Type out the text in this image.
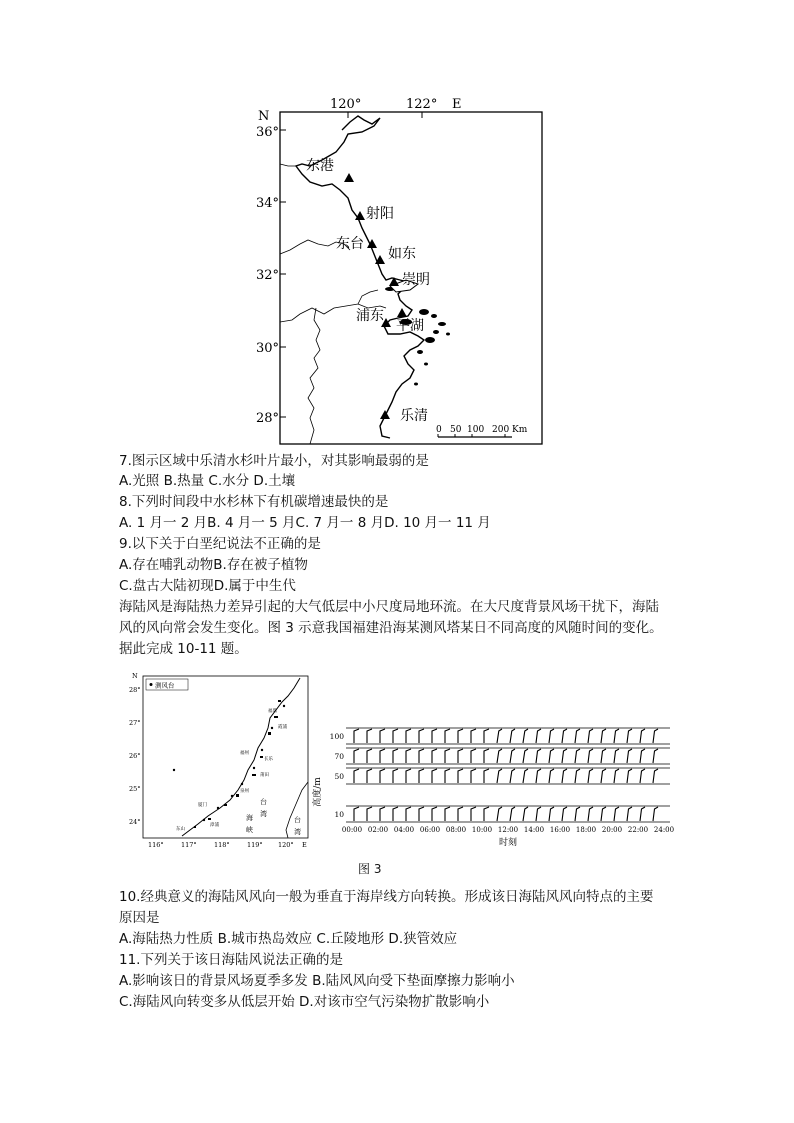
N
36°
34°
32°
30°
28°
120°	122° E
东港
射阳
东台
如东
崇明
浦东
平湖
乐清
0 50 100 200 Km
7.图示区域中乐清水杉叶片最小，对其影响最弱的是
A.光照 B.热量 C.水分 D.土壤
8.下列时间段中水杉林下有机碳增速最快的是
A. 1 月一 2 月B. 4 月一 5 月C. 7 月一 8 月D. 10 月一 11 月
9.以下关于白垩纪说法不正确的是
A.存在哺乳动物B.存在被子植物
C.盘古大陆初现D.属于中生代
海陆风是海陆热力差异引起的大气低层中小尺度局地环流。在大尺度背景风场干扰下，海陆
风的风向常会发生变化。图 3 示意我国福建沿海某测风塔某日不同高度的风随时间的变化。
据此完成 10-11 题。
测风台
N
28°
27°
26°
25°
24°
116°	117°	118°	119° 120° E
福鼎
霞浦
福州
长乐
莆田
泉州
厦门
漳浦
东山
台
湾
海
峡
台
湾
高度/m
时刻
100
70
50
10
00:00 02:00 04:00 06:00 08:00 10:00 12:00 14:00 16:00 18:00 20:00 22:00 24:00
图 3
10.经典意义的海陆风风向一般为垂直于海岸线方向转换。形成该日海陆风风向特点的主要
原因是
A.海陆热力性质 B.城市热岛效应 C.丘陵地形 D.狭管效应
11.下列关于该日海陆风说法正确的是
A.影响该日的背景风场夏季多发 B.陆风风向受下垫面摩擦力影响小
C.海陆风向转变多从低层开始 D.对该市空气污染物扩散影响小
